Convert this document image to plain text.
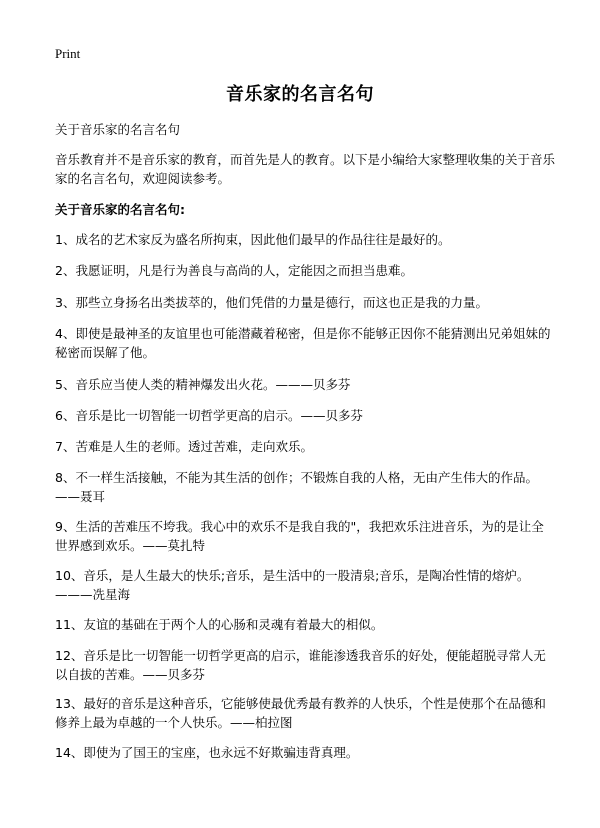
Print
音乐家的名言名句
关于音乐家的名言名句
音乐教育并不是音乐家的教育，而首先是人的教育。以下是小编给大家整理收集的关于音乐家的名言名句，欢迎阅读参考。
关于音乐家的名言名句:
1、成名的艺术家反为盛名所拘束，因此他们最早的作品往往是最好的。
2、我愿证明，凡是行为善良与高尚的人，定能因之而担当患难。
3、那些立身扬名出类拔萃的，他们凭借的力量是德行，而这也正是我的力量。
4、即使是最神圣的友谊里也可能潜藏着秘密，但是你不能够正因你不能猜测出兄弟姐妹的秘密而误解了他。
5、音乐应当使人类的精神爆发出火花。———贝多芬
6、音乐是比一切智能一切哲学更高的启示。——贝多芬
7、苦难是人生的老师。透过苦难，走向欢乐。
8、不一样生活接触，不能为其生活的创作；不锻炼自我的人格，无由产生伟大的作品。——聂耳
9、生活的苦难压不垮我。我心中的欢乐不是我自我的"，我把欢乐注进音乐，为的是让全世界感到欢乐。——莫扎特
10、音乐，是人生最大的快乐;音乐，是生活中的一股清泉;音乐，是陶冶性情的熔炉。———冼星海
11、友谊的基础在于两个人的心肠和灵魂有着最大的相似。
12、音乐是比一切智能一切哲学更高的启示，谁能渗透我音乐的好处，便能超脱寻常人无以自拔的苦难。——贝多芬
13、最好的音乐是这种音乐，它能够使最优秀最有教养的人快乐，个性是使那个在品德和修养上最为卓越的一个人快乐。——柏拉图
14、即使为了国王的宝座，也永远不好欺骗违背真理。
